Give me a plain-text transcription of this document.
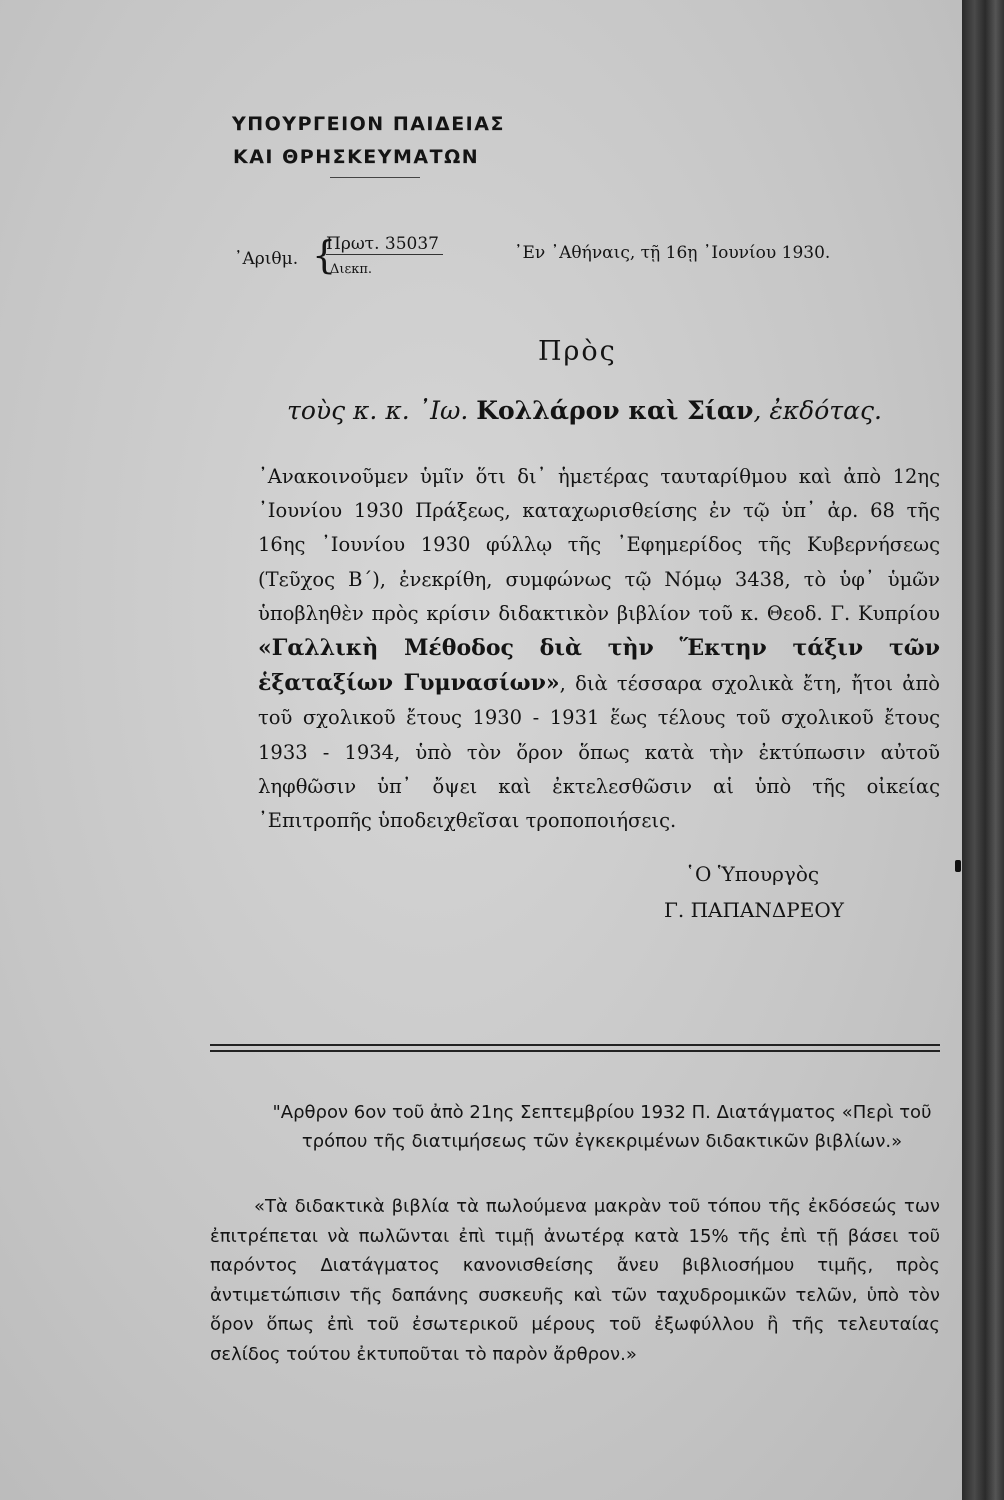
ΥΠΟΥΡΓΕΙΟΝ ΠΑΙΔΕΙΑΣ
ΚΑΙ ΘΡΗΣΚΕΥΜΑΤΩΝ
᾿Αριθμ. {
Πρωτ. 35037
Διεκπ.
᾿Εν ᾿Αθήναις, τῇ 16ῃ ᾿Ιουνίου 1930.
Πρὸς
τοὺς κ. κ. ᾿Ιω. Κολλάρον καὶ Σίαν, ἐκδότας.
᾿Ανακοινοῦμεν ὑμῖν ὅτι δι᾿ ἡμετέρας ταυταρίθμου καὶ ἀπὸ 12ης ᾿Ιουνίου 1930 Πράξεως, καταχωρισθείσης ἐν τῷ ὑπ᾿ ἀρ. 68 τῆς 16ης ᾿Ιουνίου 1930 φύλλῳ τῆς ᾿Εφημερίδος τῆς Κυβερνήσεως (Τεῦχος Β΄), ἐνεκρίθη, συμφώνως τῷ Νόμῳ 3438, τὸ ὑφ᾿ ὑμῶν ὑποβληθὲν πρὸς κρίσιν διδακτικὸν βιβλίον τοῦ κ. Θεοδ. Γ. Κυπρίου «Γαλλικὴ Μέθοδος διὰ τὴν Ἕκτην τάξιν τῶν ἑξαταξίων Γυμνασίων», διὰ τέσσαρα σχολικὰ ἔτη, ἤτοι ἀπὸ τοῦ σχολικοῦ ἔτους 1930 - 1931 ἕως τέλους τοῦ σχολικοῦ ἔτους 1933 - 1934, ὑπὸ τὸν ὅρον ὅπως κατὰ τὴν ἐκτύπωσιν αὐτοῦ ληφθῶσιν ὑπ᾿ ὄψει καὶ ἐκτελεσθῶσιν αἱ ὑπὸ τῆς οἰκείας ᾿Επιτροπῆς ὑποδειχθεῖσαι τροποποιήσεις.
῾Ο Ὑπουργὸς
Γ. ΠΑΠΑΝΔΡΕΟΥ
"Αρθρον 6ον τοῦ ἀπὸ 21ης Σεπτεμβρίου 1932 Π. Διατάγματος «Περὶ τοῦ τρόπου τῆς διατιμήσεως τῶν ἐγκεκριμένων διδακτικῶν βιβλίων.»
«Τὰ διδακτικὰ βιβλία τὰ πωλούμενα μακρὰν τοῦ τόπου τῆς ἐκδόσεώς των ἐπιτρέπεται νὰ πωλῶνται ἐπὶ τιμῇ ἀνωτέρᾳ κατὰ 15% τῆς ἐπὶ τῇ βάσει τοῦ παρόντος Διατάγματος κανονισθείσης ἄνευ βιβλιοσήμου τιμῆς, πρὸς ἀντιμετώπισιν τῆς δαπάνης συσκευῆς καὶ τῶν ταχυδρομικῶν τελῶν, ὑπὸ τὸν ὅρον ὅπως ἐπὶ τοῦ ἐσωτερικοῦ μέρους τοῦ ἐξωφύλλου ἢ τῆς τελευταίας σελίδος τούτου ἐκτυποῦται τὸ παρὸν ἄρθρον.»
